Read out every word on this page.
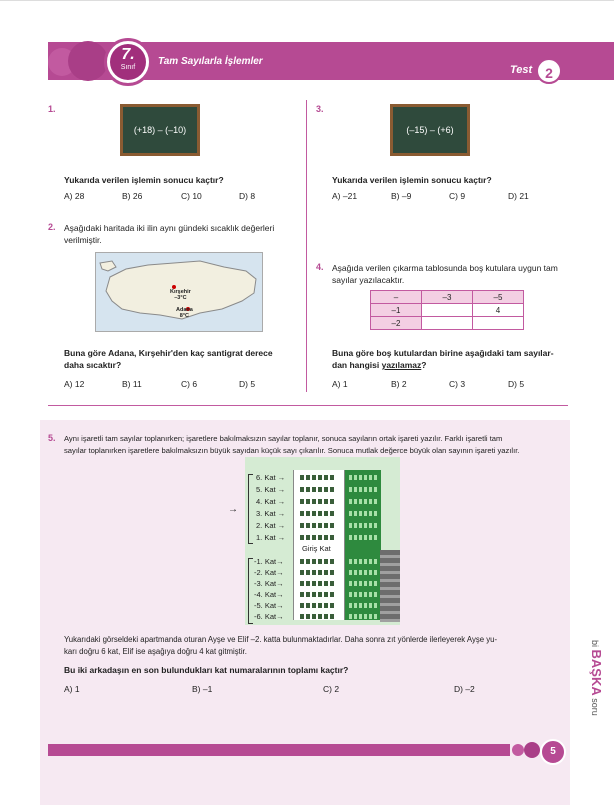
7.
Sınıf
Tam Sayılarla İşlemler
Test 2
1.
(+18) – (–10)
Yukarıda verilen işlemin sonucu kaçtır?
A) 28	B) 26	C) 10	D) 8
2. Aşağıdaki haritada iki ilin aynı gündeki sıcaklık değerleri
verilmiştir.
Kırşehir
–3°C
Adana
8°C
Buna göre Adana, Kırşehir'den kaç santigrat derece
daha sıcaktır?
A) 12	B) 11	C) 6	D) 5
3.
(–15) – (+6)
Yukarıda verilen işlemin sonucu kaçtır?
A) –21	B) –9	C) 9	D) 21
4. Aşağıda verilen çıkarma tablosunda boş kutulara uygun tam
sayılar yazılacaktır.
–	–3	–5
–1		4
–2		
Buna göre boş kutulardan birine aşağıdaki tam sayılar-
dan hangisi yazılamaz?
A) 1	B) 2	C) 3	D) 5
5. Aynı işaretli tam sayılar toplanırken; işaretlere bakılmaksızın sayılar toplanır, sonuca sayıların ortak işareti yazılır. Farklı işaretli tam
sayılar toplanırken işaretlere bakılmaksızın büyük sayıdan küçük sayı çıkarılır. Sonuca mutlak değerce büyük olan sayının işareti yazılır.
6. Kat →
5. Kat →
4. Kat →
3. Kat →
2. Kat →
1. Kat →
→
Giriş Kat
-1. Kat→
-2. Kat→
-3. Kat→
-4. Kat→
-5. Kat→
-6. Kat→
Yukarıdaki görseldeki apartmanda oturan Ayşe ve Elif –2. katta bulunmaktadırlar. Daha sonra zıt yönlerde ilerleyerek Ayşe yu-
karı doğru 6 kat, Elif ise aşağıya doğru 4 kat gitmiştir.
Bu iki arkadaşın en son bulundukları kat numaralarının toplamı kaçtır?
A) 1	B) –1	C) 2	D) –2
bi BAŞKA soru
5
